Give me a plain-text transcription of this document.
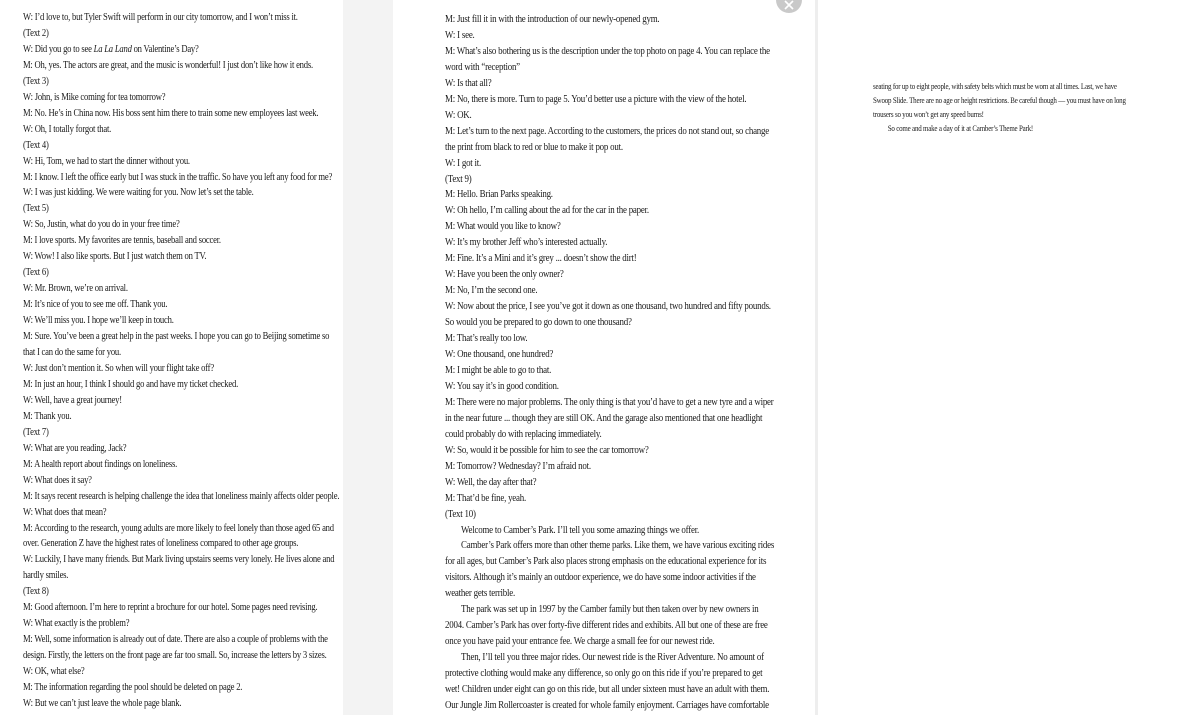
W: I’d love to, but Tyler Swift will perform in our city tomorrow, and I won’t miss it.
(Text 2)
W: Did you go to see La La Land on Valentine’s Day?
M: Oh, yes. The actors are great, and the music is wonderful! I just don’t like how it ends.
(Text 3)
W: John, is Mike coming for tea tomorrow?
M: No. He’s in China now. His boss sent him there to train some new employees last week.
W: Oh, I totally forgot that.
(Text 4)
W: Hi, Tom, we had to start the dinner without you.
M: I know. I left the office early but I was stuck in the traffic. So have you left any food for me?
W: I was just kidding. We were waiting for you. Now let’s set the table.
(Text 5)
W: So, Justin, what do you do in your free time?
M: I love sports. My favorites are tennis, baseball and soccer.
W: Wow! I also like sports. But I just watch them on TV.
(Text 6)
W: Mr. Brown, we’re on arrival.
M: It’s nice of you to see me off. Thank you.
W: We’ll miss you. I hope we’ll keep in touch.
M: Sure. You’ve been a great help in the past weeks. I hope you can go to Beijing sometime so
that I can do the same for you.
W: Just don’t mention it. So when will your flight take off?
M: In just an hour, I think I should go and have my ticket checked.
W: Well, have a great journey!
M: Thank you.
(Text 7)
W: What are you reading, Jack?
M: A health report about findings on loneliness.
W: What does it say?
M: It says recent research is helping challenge the idea that loneliness mainly affects older people.
W: What does that mean?
M: According to the research, young adults are more likely to feel lonely than those aged 65 and
over. Generation Z have the highest rates of loneliness compared to other age groups.
W: Luckily, I have many friends. But Mark living upstairs seems very lonely. He lives alone and
hardly smiles.
(Text 8)
M: Good afternoon. I’m here to reprint a brochure for our hotel. Some pages need revising.
W: What exactly is the problem?
M: Well, some information is already out of date. There are also a couple of problems with the
design. Firstly, the letters on the front page are far too small. So, increase the letters by 3 sizes.
W: OK, what else?
M: The information regarding the pool should be deleted on page 2.
W: But we can’t just leave the whole page blank.
M: Just fill it in with the introduction of our newly-opened gym.
W: I see.
M: What’s also bothering us is the description under the top photo on page 4. You can replace the
word with “reception”
W: Is that all?
M: No, there is more. Turn to page 5. You’d better use a picture with the view of the hotel.
W: OK.
M: Let’s turn to the next page. According to the customers, the prices do not stand out, so change
the print from black to red or blue to make it pop out.
W: I got it.
(Text 9)
M: Hello. Brian Parks speaking.
W: Oh hello, I’m calling about the ad for the car in the paper.
M: What would you like to know?
W: It’s my brother Jeff who’s interested actually.
M: Fine. It’s a Mini and it’s grey ... doesn’t show the dirt!
W: Have you been the only owner?
M: No, I’m the second one.
W: Now about the price, I see you’ve got it down as one thousand, two hundred and fifty pounds.
So would you be prepared to go down to one thousand?
M: That’s really too low.
W: One thousand, one hundred?
M: I might be able to go to that.
W: You say it’s in good condition.
M: There were no major problems. The only thing is that you’d have to get a new tyre and a wiper
in the near future ... though they are still OK. And the garage also mentioned that one headlight
could probably do with replacing immediately.
W: So, would it be possible for him to see the car tomorrow?
M: Tomorrow? Wednesday? I’m afraid not.
W: Well, the day after that?
M: That’d be fine, yeah.
(Text 10)
Welcome to Camber’s Park. I’ll tell you some amazing things we offer.
Camber’s Park offers more than other theme parks. Like them, we have various exciting rides
for all ages, but Camber’s Park also places strong emphasis on the educational experience for its
visitors. Although it’s mainly an outdoor experience, we do have some indoor activities if the
weather gets terrible.
The park was set up in 1997 by the Camber family but then taken over by new owners in
2004. Camber’s Park has over forty-five different rides and exhibits. All but one of these are free
once you have paid your entrance fee. We charge a small fee for our newest ride.
Then, I’ll tell you three major rides. Our newest ride is the River Adventure. No amount of
protective clothing would make any difference, so only go on this ride if you’re prepared to get
wet! Children under eight can go on this ride, but all under sixteen must have an adult with them.
Our Jungle Jim Rollercoaster is created for whole family enjoyment. Carriages have comfortable
seating for up to eight people, with safety belts which must be worn at all times. Last, we have
Swoop Slide. There are no age or height restrictions. Be careful though — you must have on long
trousers so you won’t get any speed burns!
So come and make a day of it at Camber’s Theme Park!
